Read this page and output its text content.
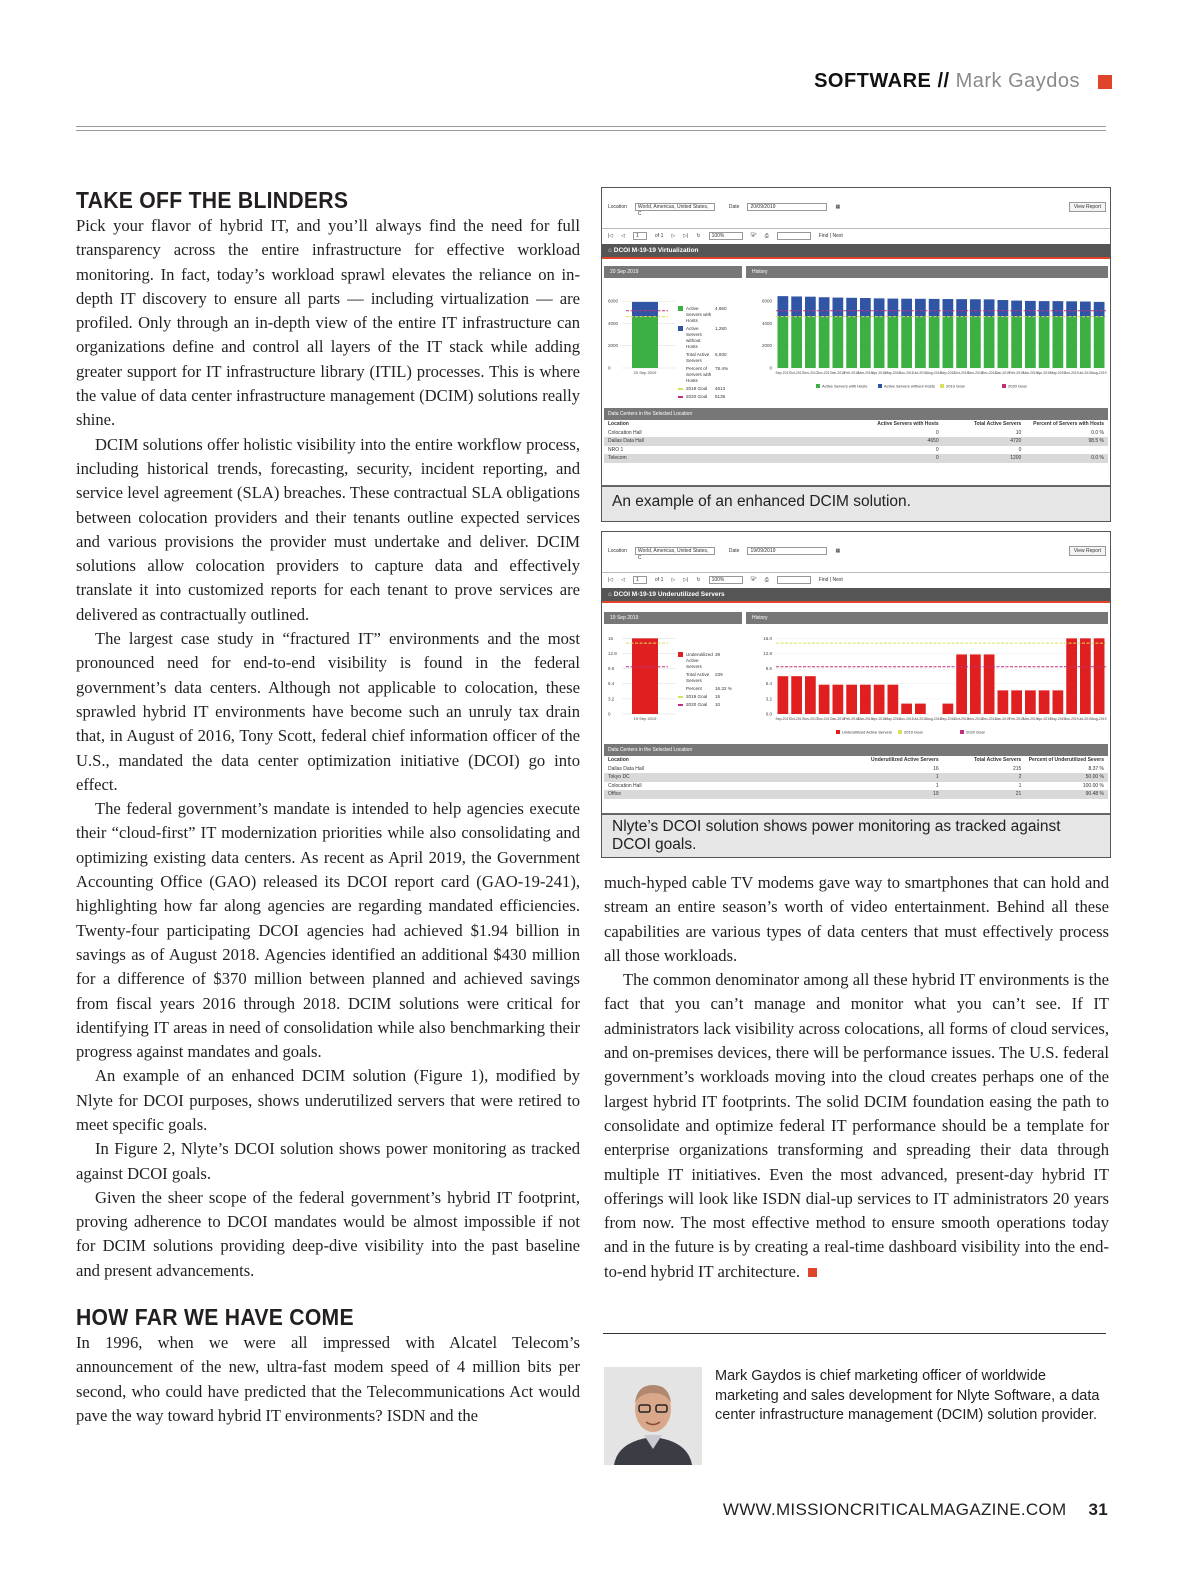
SOFTWARE // Mark Gaydos
TAKE OFF THE BLINDERS

Pick your flavor of hybrid IT, and you’ll always find the need for full transparency across the entire infrastructure for effective workload monitoring. In fact, today’s workload sprawl elevates the reliance on in-depth IT discovery to ensure all parts — including virtualization — are profiled. Only through an in-depth view of the entire IT infrastructure can organizations define and control all layers of the IT stack while adding greater support for IT infrastructure library (ITIL) processes. This is where the value of data center infrastructure management (DCIM) solutions really shine.

DCIM solutions offer holistic visibility into the entire workflow process, including historical trends, forecasting, security, incident reporting, and service level agreement (SLA) breaches. These contractual SLA obligations between colocation providers and their tenants outline expected services and various provisions the provider must undertake and deliver. DCIM solutions allow colocation providers to capture data and effectively translate it into customized reports for each tenant to prove services are delivered as contractually outlined.

The largest case study in “fractured IT” environments and the most pronounced need for end-to-end visibility is found in the federal government’s data centers. Although not applicable to colocation, these sprawled hybrid IT environments have become such an unruly tax drain that, in August of 2016, Tony Scott, federal chief information officer of the U.S., mandated the data center optimization initiative (DCOI) go into effect.

The federal government’s mandate is intended to help agencies execute their “cloud-first” IT modernization priorities while also consolidating and optimizing existing data centers. As recent as April 2019, the Government Accounting Office (GAO) released its DCOI report card (GAO-19-241), highlighting how far along agencies are regarding mandated efficiencies. Twenty-four participating DCOI agencies had achieved $1.94 billion in savings as of August 2018. Agencies identified an additional $430 million for a difference of $370 million between planned and achieved savings from fiscal years 2016 through 2018. DCIM solutions were critical for identifying IT areas in need of consolidation while also benchmarking their progress against mandates and goals.

An example of an enhanced DCIM solution (Figure 1), modified by Nlyte for DCOI purposes, shows underutilized servers that were retired to meet specific goals.

In Figure 2, Nlyte’s DCOI solution shows power monitoring as tracked against DCOI goals.

Given the sheer scope of the federal government’s hybrid IT footprint, proving adherence to DCOI mandates would be almost impossible if not for DCIM solutions providing deep-dive visibility into the past baseline and present advancements.

HOW FAR WE HAVE COME

In 1996, when we were all impressed with Alcatel Telecom’s announcement of the new, ultra-fast modem speed of 4 million bits per second, who could have predicted that the Telecommunications Act would pave the way toward hybrid IT environments? ISDN and the

much-hyped cable TV modems gave way to smartphones that can hold and stream an entire season’s worth of video entertainment. Behind all these capabilities are various types of data centers that must effectively process all those workloads.

The common denominator among all these hybrid IT environments is the fact that you can’t manage and monitor what you can’t see. If IT administrators lack visibility across colocations, all forms of cloud services, and on-premises devices, there will be performance issues. The U.S. federal government’s workloads moving into the cloud creates perhaps one of the largest hybrid IT footprints. The solid DCIM foundation easing the path to consolidate and optimize federal IT performance should be a template for enterprise organizations transforming and spreading their data through multiple IT initiatives. Even the most advanced, present-day hybrid IT offerings will look like ISDN dial-up services to IT administrators 20 years from now. The most effective method to ensure smooth operations today and in the future is by creating a real-time dashboard visibility into the end-to-end hybrid IT architecture.

Location	World, Americas, United States, C
Date	20/09/2019	▦	View Report
|◁ ◁	1	of 1 ▷ ▷| ↻	100%	🖫▾ ⎙	Find | Next
⌂ DCOI M-19-19 Virtualization
20 Sep 2019	History
0
2000
4000
6000
20 Sep 2019
Active Servers with Hosts
4,650
Active Servers without Hosts
1,280
Total Active Servers
5,930
Percent of Servers with Hosts
78.4%
2019 Goal	4613
2020 Goal	5136
0
2000
4000
6000
Sep-2017 Oct-2017 Nov-2017 Dec-2017 Jan-2018 Feb-2018 Mar-2018 Apr-2018 May-2018 Jun-2018 Jul-2018 Aug-2018 Sep-2018 Oct-2018 Nov-2018 Dec-2018 Jan-2019 Feb-2019 Mar-2019 Apr-2019 May-2019 Jun-2019 Jul-2019 Aug-2019
Active Servers with Hosts	Active Servers without Hosts	2019 Goal	2020 Goal
Data Centers in the Selected Location
Location	Active Servers with Hosts	Total Active Servers	Percent of Servers with Hosts
Colocation Hall	0	10	0.0 %
Dallas Data Hall	4650	4720	98.5 %
NRO 1	0	0
Telecom	0	1200	0.0 %
An example of an enhanced DCIM solution.
Location	World, Americas, United States, C
Date	19/09/2019	▦	View Report
|◁ ◁	1	of 1 ▷ ▷| ↻	100%	🖫▾ ⎙	Find | Next
⌂ DCOI M-19-19 Underutilized Servers
19 Sep 2019	History
0
3.2
6.4
9.6
12.8
16
19 Sep 2019
Underutilized Active Servers
39
Total Active Servers
239
Percent	16.32 %
2019 Goal	15
2020 Goal	10
0.0
3.2
6.4
9.6
12.8
16.0
Sep-2017 Oct-2017 Nov-2017 Dec-2017 Jan-2018 Feb-2018 Mar-2018 Apr-2018 May-2018 Jun-2018 Jul-2018 Aug-2018 Sep-2018 Oct-2018 Nov-2018 Dec-2018 Jan-2019 Feb-2019 Mar-2019 Apr-2019 May-2019 Jun-2019 Jul-2019 Aug-2019
Underutilized Active Servers	2019 Goal	2020 Goal
Data Centers in the Selected Location
Location	Underutilized Active Servers	Total Active Servers	Percent of Underutilized Severs
Dallas Data Hall	16	215	8.37 %
Tokyo DC	1	2	50.00 %
Colocation Hall	1	1	100.00 %
Office	19	21	90.48 %
Nlyte’s DCOI solution shows power monitoring as tracked against DCOI goals.
Mark Gaydos is chief marketing officer of worldwide marketing and sales development for Nlyte Software, a data center infrastructure management (DCIM) solution provider.
WWW.MISSIONCRITICALMAGAZINE.COM 31
